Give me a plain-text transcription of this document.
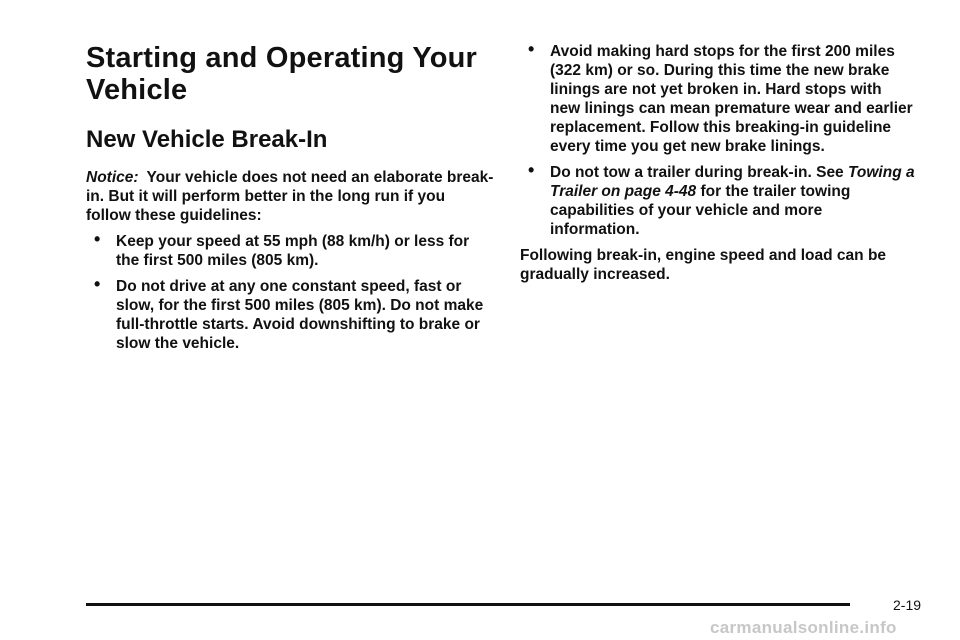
Starting and Operating Your Vehicle
New Vehicle Break-In

Notice: Your vehicle does not need an elaborate break-in. But it will perform better in the long run if you follow these guidelines:

• Keep your speed at 55 mph (88 km/h) or less for the first 500 miles (805 km).
• Do not drive at any one constant speed, fast or slow, for the first 500 miles (805 km). Do not make full-throttle starts. Avoid downshifting to brake or slow the vehicle.
• Avoid making hard stops for the first 200 miles (322 km) or so. During this time the new brake linings are not yet broken in. Hard stops with new linings can mean premature wear and earlier replacement. Follow this breaking-in guideline every time you get new brake linings.
• Do not tow a trailer during break-in. See Towing a Trailer on page 4-48 for the trailer towing capabilities of your vehicle and more information.

Following break-in, engine speed and load can be gradually increased.

2-19
carmanualsonline.info
